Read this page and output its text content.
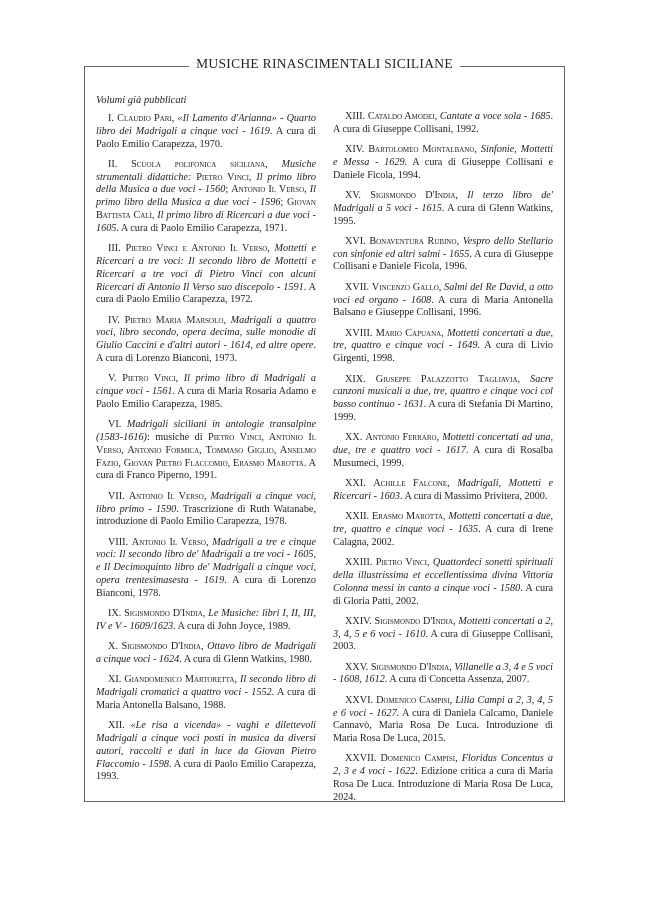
MUSICHE RINASCIMENTALI SICILIANE
Volumi già pubblicati

I. Claudio Pari, «Il Lamento d'Arianna» - Quarto libro dei Madrigali a cinque voci - 1619. A cura di Paolo Emilio Carapezza, 1970.

II. Scuola polifonica siciliana, Musiche strumentali didattiche: Pietro Vinci, Il primo libro della Musica a due voci - 1560; Antonio Il Verso, Il primo libro della Musica a due voci - 1596; Giovan Battista Calì, Il primo libro di Ricercari a due voci - 1605. A cura di Paolo Emilio Carapezza, 1971.

III. Pietro Vinci e Antonio Il Verso, Mottetti e Ricercari a tre voci: Il secondo libro de Mottetti e Ricercari a tre voci di Pietro Vinci con alcuni Ricercari di Antonio Il Verso suo discepolo - 1591. A cura di Paolo Emilio Carapezza, 1972.

IV. Pietro Maria Marsolo, Madrigali a quattro voci, libro secondo, opera decima, sulle monodie di Giulio Caccini e d'altri autori - 1614, ed altre opere. A cura di Lorenzo Bianconi, 1973.

V. Pietro Vinci, Il primo libro di Madrigali a cinque voci - 1561. A cura di Maria Rosaria Adamo e Paolo Emilio Carapezza, 1985.

VI. Madrigali siciliani in antologie transalpine (1583-1616): musiche di Pietro Vinci, Antonio Il Verso, Antonio Formica, Tommaso Giglio, Anselmo Fazio, Giovan Pietro Flaccomio, Erasmo Marotta. A cura di Franco Piperno, 1991.

VII. Antonio Il Verso, Madrigali a cinque voci, libro primo - 1590. Trascrizione di Ruth Watanabe, introduzione di Paolo Emilio Carapezza, 1978.

VIII. Antonio Il Verso, Madrigali a tre e cinque voci: Il secondo libro de' Madrigali a tre voci - 1605, e Il Decimoquinto libro de' Madrigali a cinque voci, opera trentesimasesta - 1619. A cura di Lorenzo Bianconi, 1978.

IX. Sigismondo D'India, Le Musiche: libri I, II, III, IV e V - 1609/1623. A cura di John Joyce, 1989.

X. Sigismondo D'India, Ottavo libro de Madrigali a cinque voci - 1624. A cura di Glenn Watkins, 1980.

XI. Giandomenico Martoretta, Il secondo libro di Madrigali cromatici a quattro voci - 1552. A cura di Maria Antonella Balsano, 1988.

XII. «Le risa a vicenda» - vaghi e dilettevoli Madrigali a cinque voci posti in musica da diversi autori, raccolti e dati in luce da Giovan Pietro Flaccomio - 1598. A cura di Paolo Emilio Carapezza, 1993.

XIII. Cataldo Amodei, Cantate a voce sola - 1685. A cura di Giuseppe Collisani, 1992.

XIV. Bartolomeo Montalbano, Sinfonie, Mottetti e Messa - 1629. A cura di Giuseppe Collisani e Daniele Ficola, 1994.

XV. Sigismondo D'India, Il terzo libro de' Madrigali a 5 voci - 1615. A cura di Glenn Watkins, 1995.

XVI. Bonaventura Rubino, Vespro dello Stellario con sinfonie ed altri salmi - 1655. A cura di Giuseppe Collisani e Daniele Ficola, 1996.

XVII. Vincenzo Gallo, Salmi del Re David, a otto voci ed organo - 1608. A cura di Maria Antonella Balsano e Giuseppe Collisani, 1996.

XVIII. Mario Capuana, Mottetti concertati a due, tre, quattro e cinque voci - 1649. A cura di Livio Girgenti, 1998.

XIX. Giuseppe Palazzotto Tagliavia, Sacre canzoni musicali a due, tre, quattro e cinque voci col basso continuo - 1631. A cura di Stefania Di Martino, 1999.

XX. Antonio Ferraro, Mottetti concertati ad una, due, tre e quattro voci - 1617. A cura di Rosalba Musumeci, 1999.

XXI. Achille Falcone, Madrigali, Mottetti e Ricercari - 1603. A cura di Massimo Privitera, 2000.

XXII. Erasmo Marotta, Mottetti concertati a due, tre, quattro e cinque voci - 1635. A cura di Irene Calagna, 2002.

XXIII. Pietro Vinci, Quattordeci sonetti spirituali della illustrissima et eccellentissima divina Vittoria Colonna messi in canto a cinque voci - 1580. A cura di Gloria Patti, 2002.

XXIV. Sigismondo D'India, Mottetti concertati a 2, 3, 4, 5 e 6 voci - 1610. A cura di Giuseppe Collisani, 2003.

XXV. Sigismondo D'India, Villanelle a 3, 4 e 5 voci - 1608, 1612. A cura di Concetta Assenza, 2007.

XXVI. Domenico Campisi, Lilia Campi a 2, 3, 4, 5 e 6 voci - 1627. A cura di Daniela Calcamo, Daniele Cannavò, Maria Rosa De Luca. Introduzione di Maria Rosa De Luca, 2015.

XXVII. Domenico Campisi, Floridus Concentus a 2, 3 e 4 voci - 1622. Edizione critica a cura di Maria Rosa De Luca. Introduzione di Maria Rosa De Luca, 2024.
